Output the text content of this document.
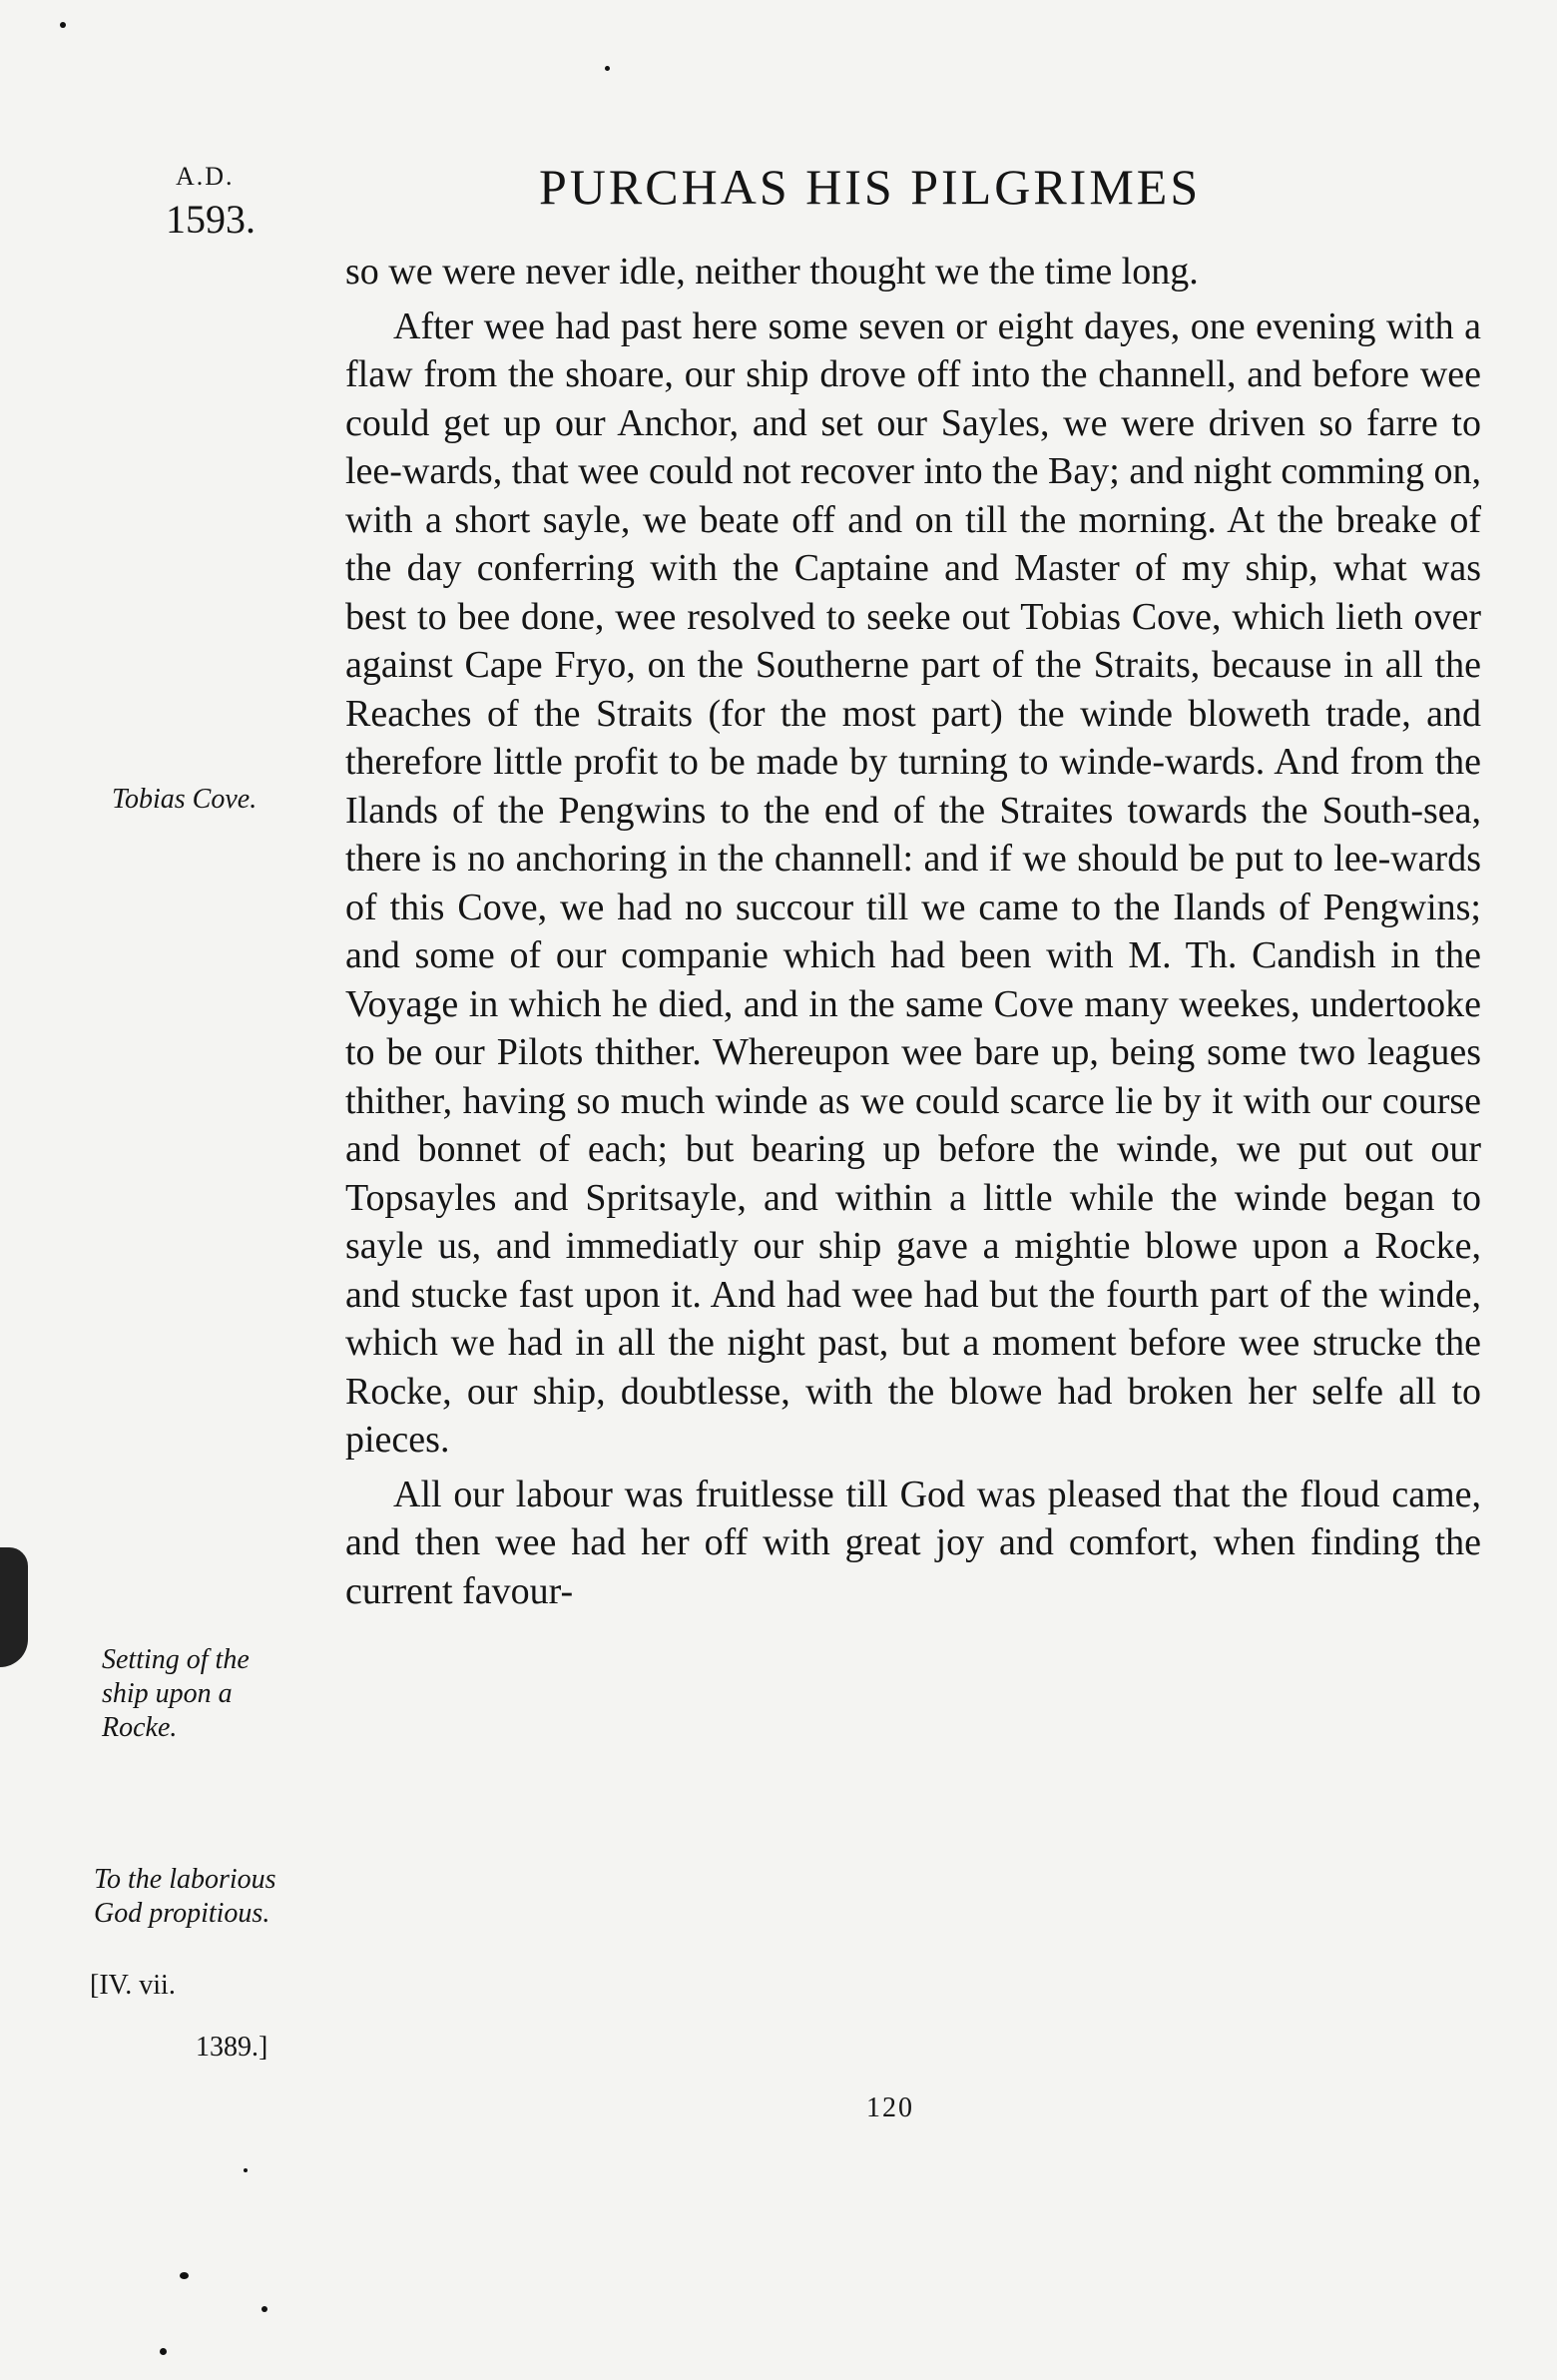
A.D.
1593.
PURCHAS HIS PILGRIMES

so we were never idle, neither thought we the time long.

After wee had past here some seven or eight dayes, one evening with a flaw from the shoare, our ship drove off into the channell, and before wee could get up our Anchor, and set our Sayles, we were driven so farre to lee-wards, that wee could not recover into the Bay; and night comming on, with a short sayle, we beate off and on till the morning. At the breake of the day conferring with the Captaine and Master of my ship, what was best to bee done, wee resolved to seeke out Tobias Cove, which lieth over against Cape Fryo, on the Southerne part of the Straits, because in all the Reaches of the Straits (for the most part) the winde bloweth trade, and therefore little profit to be made by turning to winde-wards. And from the Ilands of the Pengwins to the end of the Straites towards the South-sea, there is no anchoring in the channell: and if we should be put to lee-wards of this Cove, we had no succour till we came to the Ilands of Pengwins; and some of our companie which had been with M. Th. Candish in the Voyage in which he died, and in the same Cove many weekes, undertooke to be our Pilots thither. Whereupon wee bare up, being some two leagues thither, having so much winde as we could scarce lie by it with our course and bonnet of each; but bearing up before the winde, we put out our Topsayles and Spritsayle, and within a little while the winde began to sayle us, and immediatly our ship gave a mightie blowe upon a Rocke, and stucke fast upon it. And had wee had but the fourth part of the winde, which we had in all the night past, but a moment before wee strucke the Rocke, our ship, doubtlesse, with the blowe had broken her selfe all to pieces.

All our labour was fruitlesse till God was pleased that the floud came, and then wee had her off with great joy and comfort, when finding the current favour-

Tobias Cove.
Setting of the ship upon a Rocke.
To the laborious God propitious.
[IV. vii.
1389.]
120
